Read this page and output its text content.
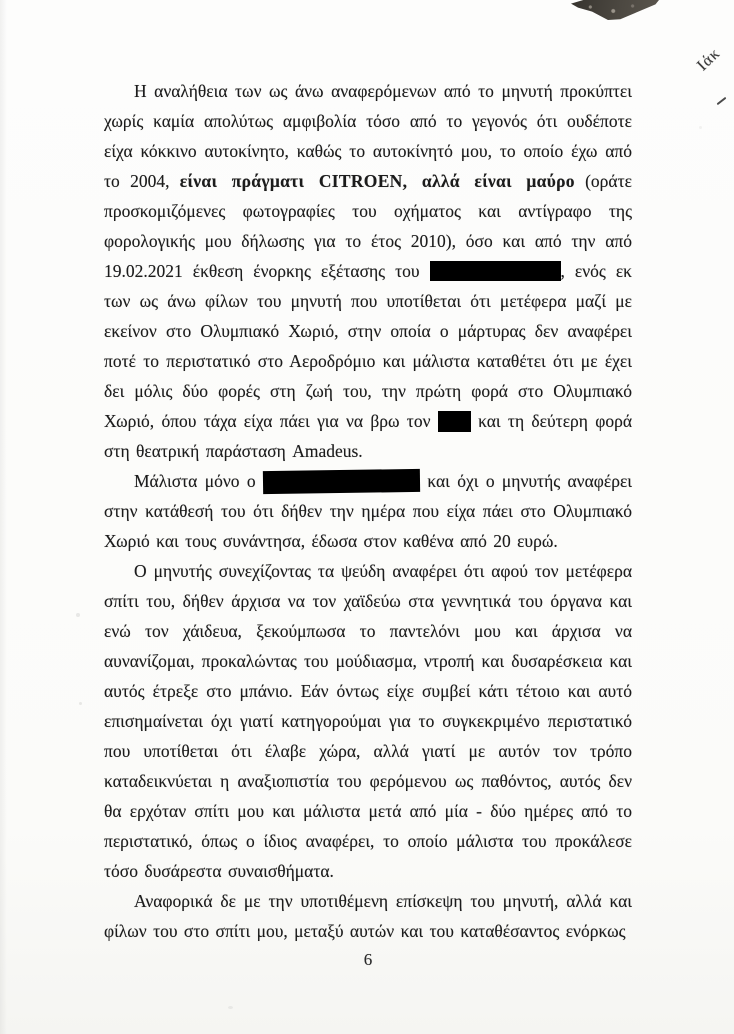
Ιάκ

Η αναλήθεια των ως άνω αναφερόμενων από το μηνυτή προκύπτει χωρίς καμία απολύτως αμφιβολία τόσο από το γεγονός ότι ουδέποτε είχα κόκκινο αυτοκίνητο, καθώς το αυτοκίνητό μου, το οποίο έχω από το 2004, είναι πράγματι CITROEN, αλλά είναι μαύρο (οράτε προσκομιζόμενες φωτογραφίες του οχήματος και αντίγραφο της φορολογικής μου δήλωσης για το έτος 2010), όσο και από την από 19.02.2021 έκθεση ένορκης εξέτασης του	, ενός εκ των ως άνω φίλων του μηνυτή που υποτίθεται ότι μετέφερα μαζί με εκείνον στο Ολυμπιακό Χωριό, στην οποία ο μάρτυρας δεν αναφέρει ποτέ το περιστατικό στο Αεροδρόμιο και μάλιστα καταθέτει ότι με έχει δει μόλις δύο φορές στη ζωή του, την πρώτη φορά στο Ολυμπιακό Χωριό, όπου τάχα είχα πάει για να βρω τον  και τη δεύτερη φορά στη θεατρική παράσταση Amadeus.

Μάλιστα μόνο ο	και όχι ο μηνυτής αναφέρει στην κατάθεσή του ότι δήθεν την ημέρα που είχα πάει στο Ολυμπιακό Χωριό και τους συνάντησα, έδωσα στον καθένα από 20 ευρώ.

Ο μηνυτής συνεχίζοντας τα ψεύδη αναφέρει ότι αφού τον μετέφερα σπίτι του, δήθεν άρχισα να τον χαϊδεύω στα γεννητικά του όργανα και ενώ τον χάιδευα, ξεκούμπωσα το παντελόνι μου και άρχισα να αυνανίζομαι, προκαλώντας του μούδιασμα, ντροπή και δυσαρέσκεια και αυτός έτρεξε στο μπάνιο. Εάν όντως είχε συμβεί κάτι τέτοιο και αυτό επισημαίνεται όχι γιατί κατηγορούμαι για το συγκεκριμένο περιστατικό που υποτίθεται ότι έλαβε χώρα, αλλά γιατί με αυτόν τον τρόπο καταδεικνύεται η αναξιοπιστία του φερόμενου ως παθόντος, αυτός δεν θα ερχόταν σπίτι μου και μάλιστα μετά από μία - δύο ημέρες από το περιστατικό, όπως ο ίδιος αναφέρει, το οποίο μάλιστα του προκάλεσε τόσο δυσάρεστα συναισθήματα.

Αναφορικά δε με την υποτιθέμενη επίσκεψη του μηνυτή, αλλά και φίλων του στο σπίτι μου, μεταξύ αυτών και του καταθέσαντος ενόρκως

6
